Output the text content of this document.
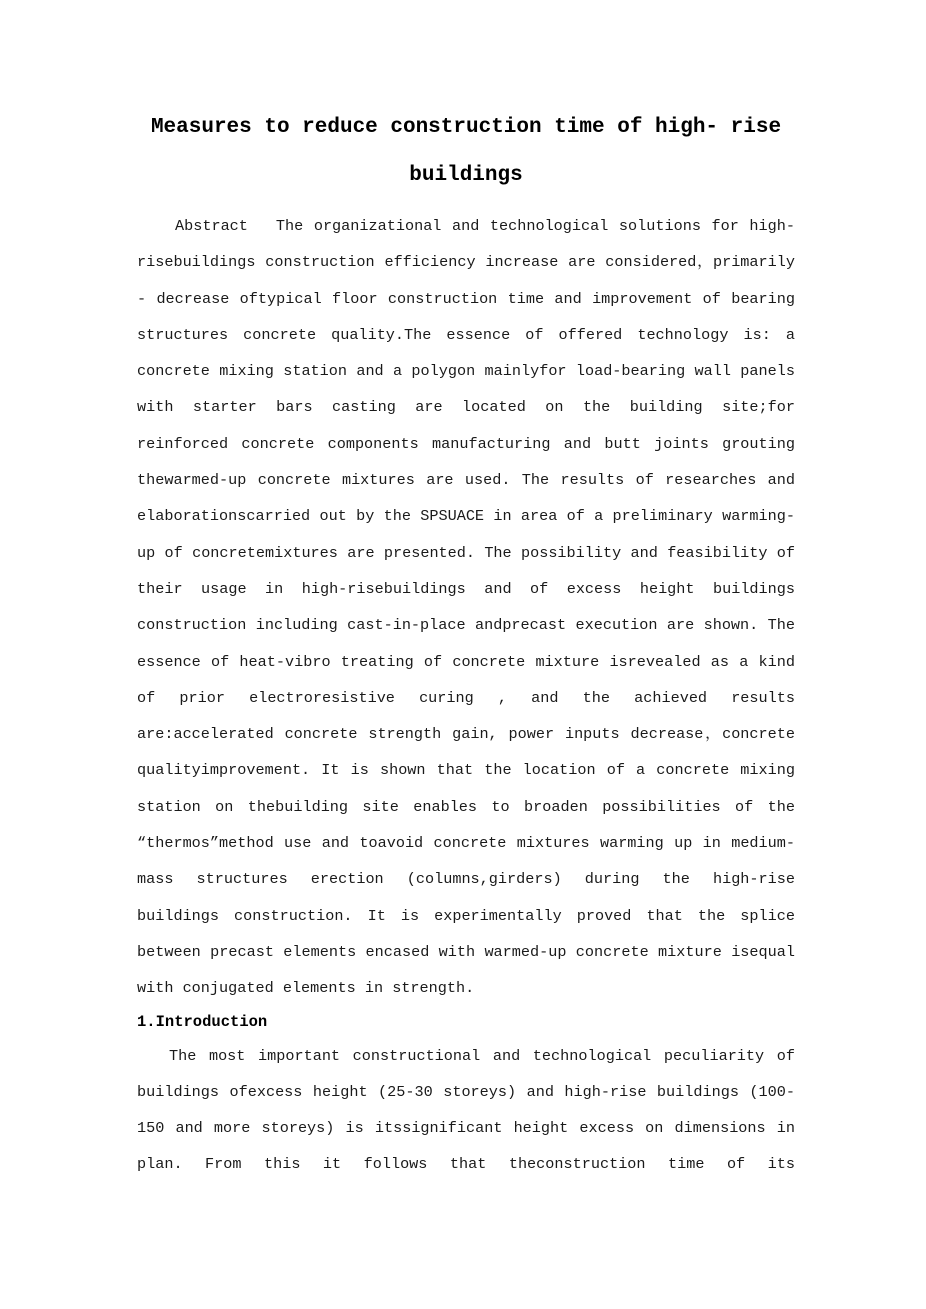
Measures to reduce construction time of high- rise buildings

Abstract The organizational and technological solutions for high-risebuildings construction efficiency increase are considered，primarily - decrease oftypical floor construction time and improvement of bearing structures concrete quality.The essence of offered technology is: a concrete mixing station and a polygon mainlyfor load-bearing wall panels with starter bars casting are located on the building site;for reinforced concrete components manufacturing and butt joints grouting thewarmed-up concrete mixtures are used. The results of researches and elaborationscarried out by the SPSUACE in area of a preliminary warming-up of concretemixtures are presented. The possibility and feasibility of their usage in high-risebuildings and of excess height buildings construction including cast-in-place andprecast execution are shown. The essence of heat-vibro treating of concrete mixture isrevealed as a kind of prior electroresistive curing , and the achieved results are:accelerated concrete strength gain, power inputs decrease，concrete qualityimprovement. It is shown that the location of a concrete mixing station on thebuilding site enables to broaden possibilities of the “thermos”method use and toavoid concrete mixtures warming up in medium-mass structures erection (columns,girders) during the high-rise buildings construction. It is experimentally proved that the splice between precast elements encased with warmed-up concrete mixture isequal with conjugated elements in strength.

1.Introduction

The most important constructional and technological peculiarity of buildings ofexcess height (25-30 storeys) and high-rise buildings (100-150 and more storeys) is itssignificant height excess on dimensions in plan. From this it follows that theconstruction time of its
